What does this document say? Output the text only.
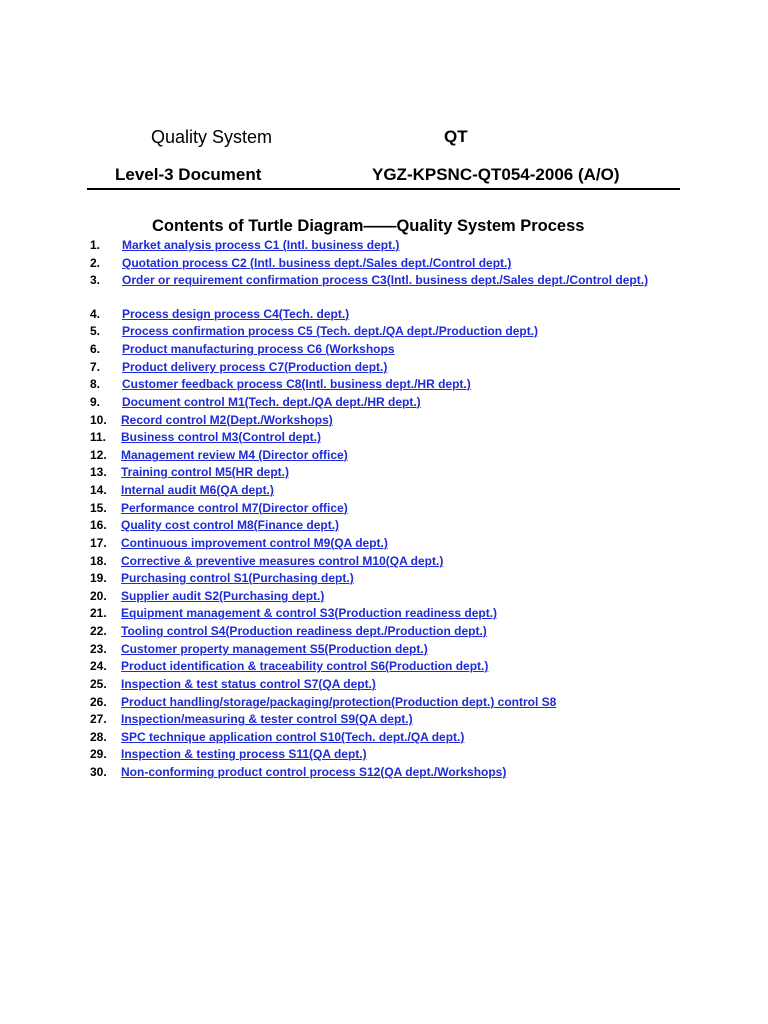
Quality System	QT
Level-3 Document	YGZ-KPSNC-QT054-2006 (A/O)
Contents of Turtle Diagram——Quality System Process
1. Market analysis process C1 (Intl. business dept.)
2. Quotation process C2 (Intl. business dept./Sales dept./Control dept.)
3. Order or requirement confirmation process C3(Intl. business dept./Sales dept./Control dept.)
4. Process design process C4(Tech. dept.)
5. Process confirmation process C5 (Tech. dept./QA dept./Production dept.)
6. Product manufacturing process C6 (Workshops
7. Product delivery process C7(Production dept.)
8. Customer feedback process C8(Intl. business dept./HR dept.)
9. Document control M1(Tech. dept./QA dept./HR dept.)
10. Record control M2(Dept./Workshops)
11. Business control M3(Control dept.)
12. Management review M4 (Director office)
13. Training control M5(HR dept.)
14. Internal audit M6(QA dept.)
15. Performance control M7(Director office)
16. Quality cost control M8(Finance dept.)
17. Continuous improvement control M9(QA dept.)
18. Corrective & preventive measures control M10(QA dept.)
19. Purchasing control S1(Purchasing dept.)
20. Supplier audit S2(Purchasing dept.)
21. Equipment management & control S3(Production readiness dept.)
22. Tooling control S4(Production readiness dept./Production dept.)
23. Customer property management S5(Production dept.)
24. Product identification & traceability control S6(Production dept.)
25. Inspection & test status control S7(QA dept.)
26. Product handling/storage/packaging/protection(Production dept.) control S8
27. Inspection/measuring & tester control S9(QA dept.)
28. SPC technique application control S10(Tech. dept./QA dept.)
29. Inspection & testing process S11(QA dept.)
30. Non-conforming product control process S12(QA dept./Workshops)
